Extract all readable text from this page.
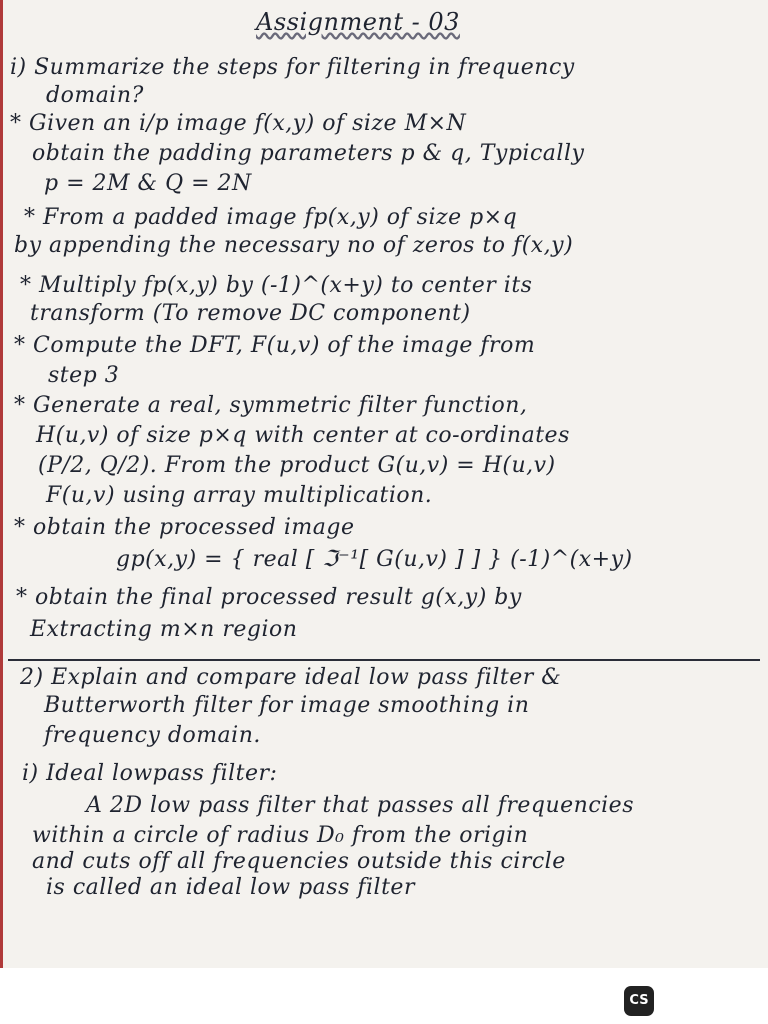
Assignment - 03
i) Summarize the steps for filtering in frequency
domain?
* Given an i/p image f(x,y) of size M×N
obtain the padding parameters p & q, Typically
p = 2M & Q = 2N
* From a padded image fp(x,y) of size p×q
by appending the necessary no of zeros to f(x,y)
* Multiply fp(x,y) by (-1)^(x+y) to center its
transform (To remove DC component)
* Compute the DFT, F(u,v) of the image from
step 3
* Generate a real, symmetric filter function,
H(u,v) of size p×q with center at co-ordinates
(P/2, Q/2). From the product G(u,v) = H(u,v)
F(u,v) using array multiplication.
* obtain the processed image
gp(x,y) = { real [ ℑ⁻¹[ G(u,v) ] ] } (-1)^(x+y)
* obtain the final processed result g(x,y) by
Extracting m×n region
2) Explain and compare ideal low pass filter &
Butterworth filter for image smoothing in
frequency domain.
i) Ideal lowpass filter:
A 2D low pass filter that passes all frequencies
within a circle of radius D₀ from the origin
and cuts off all frequencies outside this circle
is called an ideal low pass filter
CS
